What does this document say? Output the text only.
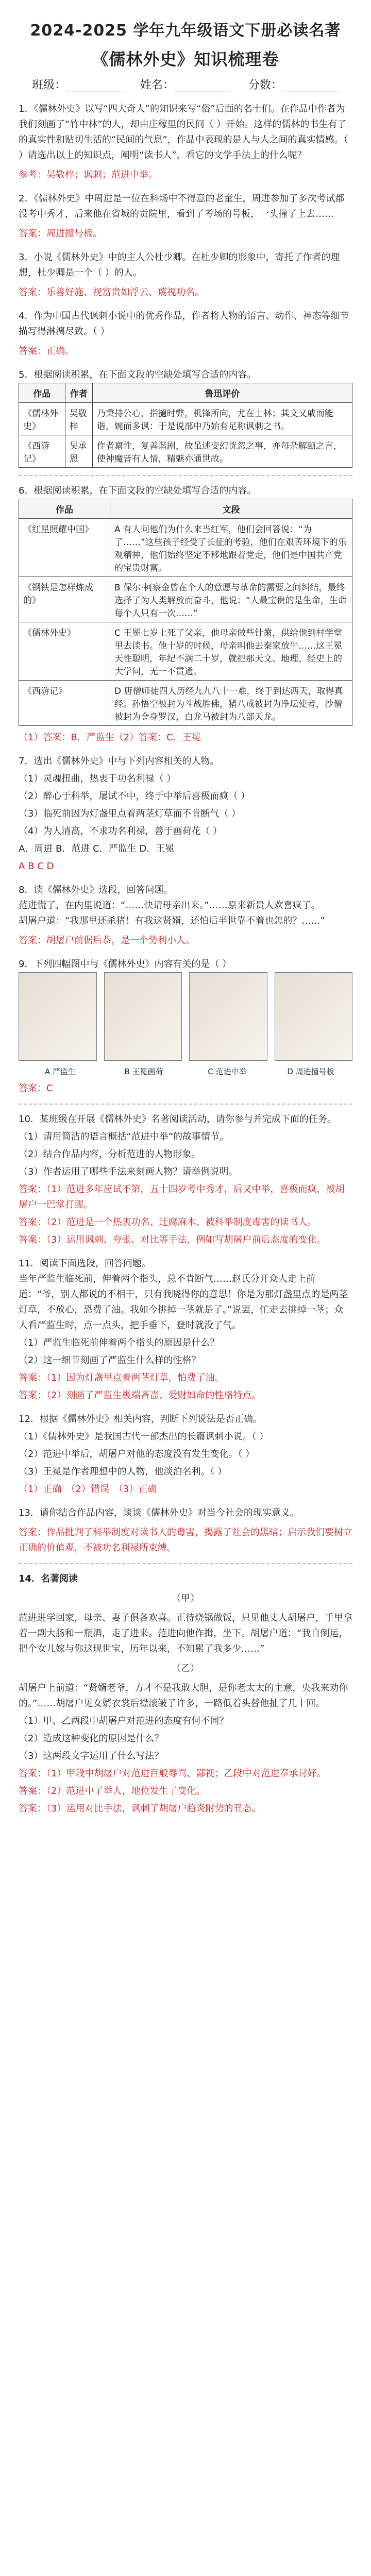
2024-2025 学年九年级语文下册必读名著
《儒林外史》知识梳理卷
班级：	姓名：	分数：
1．《儒林外史》以写“四大奇人”的知识来写“俗”后面的名士们。在作品中作者为我们刻画了“竹中林”的人，却由庄稼里的民间（ ）开始。这样的儒林的书生有了的真实性和贴切生活的“民间的气息”，作品中表现的是人与人之间的真实情感。（ ）请选出以上的知识点，阐明“读书人”，看它的文学手法上的什么呢？
参考：吴敬梓；讽刺；范进中举。
2．《儒林外史》中周进是一位在科场中不得意的老童生，周进参加了多次考试都没考中秀才，后来他在省城的贡院里，看到了考场的号板，一头撞了上去……
答案：周进撞号板。
3．小说《儒林外史》中的主人公杜少卿。在杜少卿的形象中，寄托了作者的理想，杜少卿是一个（ ）的人。
答案：乐善好施、视富贵如浮云、蔑视功名。
4．作为中国古代讽刺小说中的优秀作品，作者将人物的语言、动作、神态等细节描写得淋漓尽致。（ ）
答案：正确。
5．根据阅读积累，在下面文段的空缺处填写合适的内容。
作品	作者	鲁迅评价
《儒林外史》	吴敬梓	乃秉持公心，指擿时弊，机锋所向，尤在士林；其文又戚而能谐，婉而多讽：于是说部中乃始有足称讽刺之书。
《西游记》	吴承恩	作者禀性，复善谐剧，故虽述变幻恍忽之事，亦每杂解颐之言，使神魔皆有人情，精魅亦通世故。
6．根据阅读积累，在下面文段的空缺处填写合适的内容。
作品	文段
《红星照耀中国》	A 有人问他们为什么来当红军，他们会回答说：“为了……”这些孩子经受了长征的考验，他们在艰苦环境下的乐观精神，他们始终坚定不移地跟着党走，他们是中国共产党的宝贵财富。
《钢铁是怎样炼成的》	B 保尔·柯察金曾在个人的意愿与革命的需要之间纠结，最终选择了为人类解放而奋斗，他说：“人最宝贵的是生命，生命每个人只有一次……”
《儒林外史》	C 王冕七岁上死了父亲，他母亲做些针黹，供给他到村学堂里去读书。他十岁的时候，母亲叫他去秦家放牛……这王冕天性聪明，年纪不满二十岁，就把那天文、地理、经史上的大学问，无一不贯通。
《西游记》	D 唐僧师徒四人历经九九八十一难，终于到达西天，取得真经。孙悟空被封为斗战胜佛，猪八戒被封为净坛使者，沙僧被封为金身罗汉，白龙马被封为八部天龙。
（1）答案：B．严监生（2）答案：C．王冕
7．选出《儒林外史》中与下列内容相关的人物。
（1）灵魂扭曲，热衷于功名利禄（ ）
（2）醉心于科举，屡试不中，终于中举后喜极而疯（ ）
（3）临死前因为灯盏里点着两茎灯草而不肯断气（ ）
（4）为人清高，不求功名利禄，善于画荷花（ ）
A．周进 B．范进 C．严监生 D．王冕
A B C D
8．读《儒林外史》选段，回答问题。
范进慌了，在内里说道：“……快请母亲出来。”……原来新贵人欢喜疯了。
胡屠户道：“我那里还杀猪！有我这贤婿，还怕后半世靠不着也怎的？……”
答案：胡屠户前倨后恭，是一个势利小人。
9．下列四幅图中与《儒林外史》内容有关的是（ ）
A 严监生	B 王冕画荷	C 范进中举	D 周进撞号板
答案：C
10．某班级在开展《儒林外史》名著阅读活动，请你参与并完成下面的任务。
（1）请用简洁的语言概括“范进中举”的故事情节。
（2）结合作品内容，分析范进的人物形象。
（3）作者运用了哪些手法来刻画人物？请举例说明。
答案：（1）范进多年应试不第，五十四岁考中秀才，后又中举，喜极而疯，被胡屠户一巴掌打醒。
答案：（2）范进是一个热衷功名、迂腐麻木、被科举制度毒害的读书人。
答案：（3）运用讽刺、夸张、对比等手法，例如写胡屠户前后态度的变化。
11．阅读下面选段，回答问题。
当年严监生临死前，伸着两个指头，总不肯断气……赵氏分开众人走上前道：“爷，别人都说的不相干，只有我晓得你的意思！你是为那灯盏里点的是两茎灯草，不放心，恐费了油。我如今挑掉一茎就是了。”说罢，忙走去挑掉一茎；众人看严监生时，点一点头，把手垂下，登时就没了气。
（1）严监生临死前伸着两个指头的原因是什么？
（2）这一细节刻画了严监生什么样的性格？
答案：（1）因为灯盏里点着两茎灯草，怕费了油。
答案：（2）刻画了严监生极端吝啬、爱财如命的性格特点。
12．根据《儒林外史》相关内容，判断下列说法是否正确。
（1）《儒林外史》是我国古代一部杰出的长篇讽刺小说。（ ）
（2）范进中举后，胡屠户对他的态度没有发生变化。（ ）
（3）王冕是作者理想中的人物，他淡泊名利。（ ）
（1）正确　 （2）错误　 （3）正确
13．请你结合作品内容，谈谈《儒林外史》对当今社会的现实意义。
答案：作品批判了科举制度对读书人的毒害，揭露了社会的黑暗；启示我们要树立正确的价值观，不被功名利禄所束缚。
14．名著阅读
（甲）
范进进学回家，母亲、妻子俱各欢喜。正待烧锅做饭，只见他丈人胡屠户，手里拿着一副大肠和一瓶酒，走了进来。范进向他作揖，坐下。胡屠户道：“我自倒运，把个女儿嫁与你这现世宝，历年以来，不知累了我多少……”
（乙）
胡屠户上前道：“贤婿老爷，方才不是我敢大胆，是你老太太的主意，央我来劝你的。”……胡屠户见女婿衣裳后襟滚皱了许多，一路低着头替他扯了几十回。
（1）甲、乙两段中胡屠户对范进的态度有何不同？
（2）造成这种变化的原因是什么？
（3）这两段文字运用了什么写法？
答案：（1）甲段中胡屠户对范进百般辱骂、鄙视；乙段中对范进奉承讨好。
答案：（2）范进中了举人，地位发生了变化。
答案：（3）运用对比手法，讽刺了胡屠户趋炎附势的丑态。
